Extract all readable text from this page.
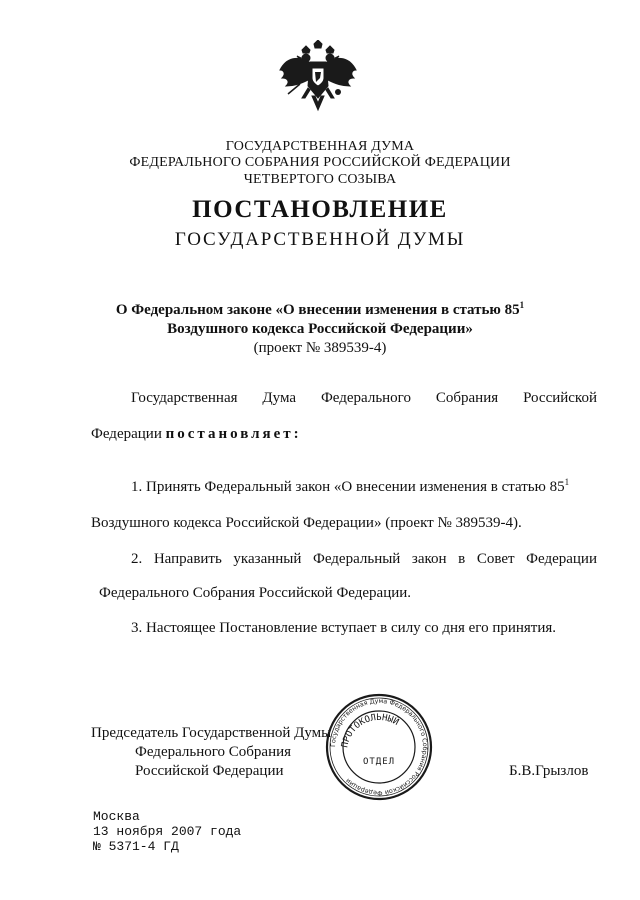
ГОСУДАРСТВЕННАЯ ДУМА
ФЕДЕРАЛЬНОГО СОБРАНИЯ РОССИЙСКОЙ ФЕДЕРАЦИИ
ЧЕТВЕРТОГО СОЗЫВА
ПОСТАНОВЛЕНИЕ
ГОСУДАРСТВЕННОЙ ДУМЫ
О Федеральном законе «О внесении изменения в статью $85^1$
Воздушного кодекса Российской Федерации»
(проект № 389539-4)
Государственная Дума Федерального Собрания Российской
Федерации постановляет:
1. Принять Федеральный закон «О внесении изменения в статью $85^1$
Воздушного кодекса Российской Федерации» (проект № 389539-4).
2. Направить указанный Федеральный закон в Совет Федерации
Федерального Собрания Российской Федерации.
3. Настоящее Постановление вступает в силу со дня его принятия.
Председатель Государственной Думы
Федерального Собрания
Российской Федерации	Б.В.Грызлов
Государственная Дума Федерального Собрания Российской Федерации
ПРОТОКОЛЬНЫЙ
ОТДЕЛ
Москва
13 ноября 2007 года
№ 5371-4 ГД
